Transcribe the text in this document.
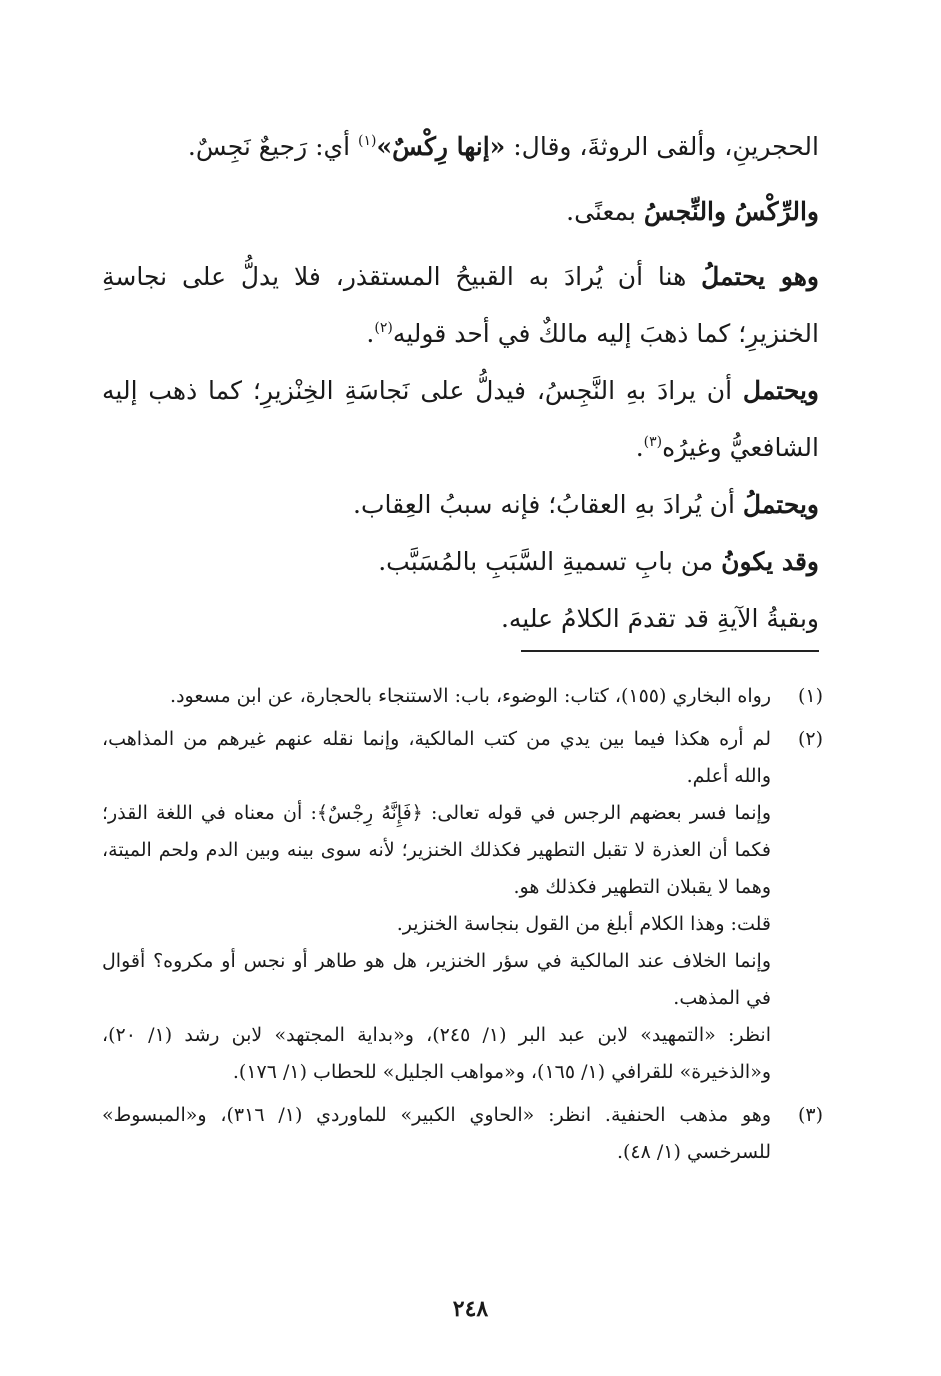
الحجرينِ، وألقى الروثةَ، وقال: «إنها رِكْسٌ»$^{(١)}$ أي: رَجيعٌ نَجِسٌ.

والرِّكْسُ والنِّجسُ بمعنًى.

وهو يحتملُ هنا أن يُرادَ به القبيحُ المستقذر، فلا يدلُّ على نجاسةِ الخنزيرِ؛ كما ذهبَ إليه مالكٌ في أحد قوليه$^{(٢)}$.

ويحتمل أن يرادَ بهِ النَّجِسُ، فيدلُّ على نَجاسَةِ الخِنْزيرِ؛ كما ذهب إليه الشافعيُّ وغيرُه$^{(٣)}$.

ويحتملُ أن يُرادَ بهِ العقابُ؛ فإنه سببُ العِقاب.

وقد يكونُ من بابِ تسميةِ السَّبَبِ بالمُسَبَّب.

وبقيةُ الآيةِ قد تقدمَ الكلامُ عليه.

(١)

رواه البخاري (١٥٥)، كتاب: الوضوء، باب: الاستنجاء بالحجارة، عن ابن مسعود.

(٢)

لم أره هكذا فيما بين يدي من كتب المالكية، وإنما نقله عنهم غيرهم من المذاهب، والله أعلم.

وإنما فسر بعضهم الرجس في قوله تعالى: ﴿فَإِنَّهُ رِجْسٌ﴾: أن معناه في اللغة القذر؛ فكما أن العذرة لا تقبل التطهير فكذلك الخنزير؛ لأنه سوى بينه وبين الدم ولحم الميتة، وهما لا يقبلان التطهير فكذلك هو.

قلت: وهذا الكلام أبلغ من القول بنجاسة الخنزير.

وإنما الخلاف عند المالكية في سؤر الخنزير، هل هو طاهر أو نجس أو مكروه؟ أقوال في المذهب.

انظر: «التمهيد» لابن عبد البر (١/ ٢٤٥)، و«بداية المجتهد» لابن رشد (١/ ٢٠)، و«الذخيرة» للقرافي (١/ ١٦٥)، و«مواهب الجليل» للحطاب (١/ ١٧٦).

(٣)

وهو مذهب الحنفية. انظر: «الحاوي الكبير» للماوردي (١/ ٣١٦)، و«المبسوط» للسرخسي (١/ ٤٨).

٢٤٨
